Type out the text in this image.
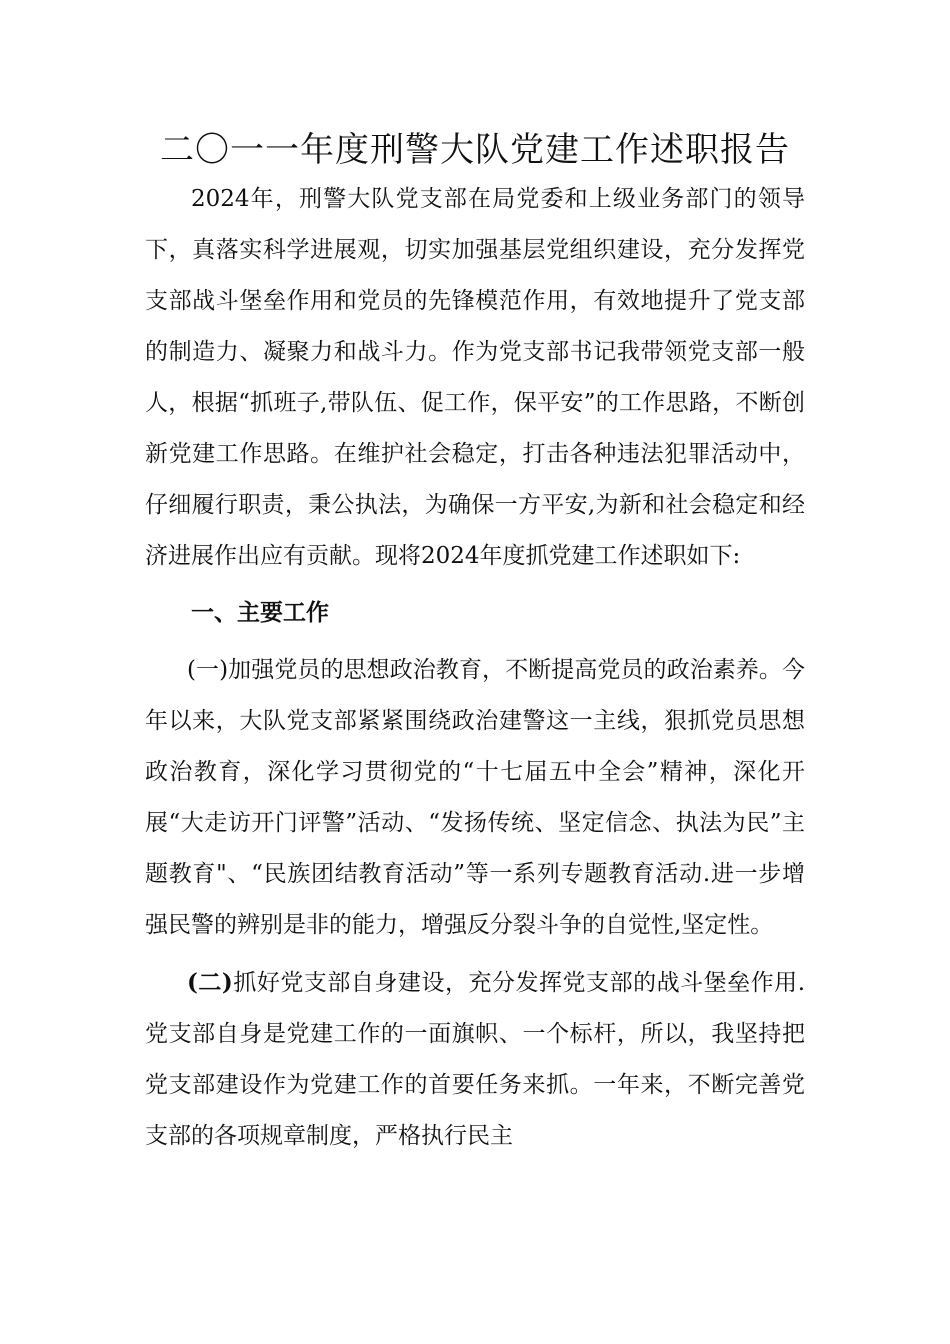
二〇一一年度刑警大队党建工作述职报告

2024年，刑警大队党支部在局党委和上级业务部门的领导下，真落实科学进展观，切实加强基层党组织建设，充分发挥党支部战斗堡垒作用和党员的先锋模范作用，有效地提升了党支部的制造力、凝聚力和战斗力。作为党支部书记我带领党支部一般人，根据“抓班子,带队伍、促工作，保平安”的工作思路，不断创新党建工作思路。在维护社会稳定，打击各种违法犯罪活动中，仔细履行职责，秉公执法，为确保一方平安,为新和社会稳定和经济进展作出应有贡献。现将2024年度抓党建工作述职如下:

一、主要工作

(一)加强党员的思想政治教育，不断提高党员的政治素养。今年以来，大队党支部紧紧围绕政治建警这一主线，狠抓党员思想政治教育，深化学习贯彻党的“十七届五中全会”精神，深化开展“大走访开门评警”活动、“发扬传统、坚定信念、执法为民”主题教育"、“民族团结教育活动”等一系列专题教育活动.进一步增强民警的辨别是非的能力，增强反分裂斗争的自觉性,坚定性。

(二)抓好党支部自身建设，充分发挥党支部的战斗堡垒作用.党支部自身是党建工作的一面旗帜、一个标杆，所以，我坚持把党支部建设作为党建工作的首要任务来抓。一年来，不断完善党支部的各项规章制度，严格执行民主
